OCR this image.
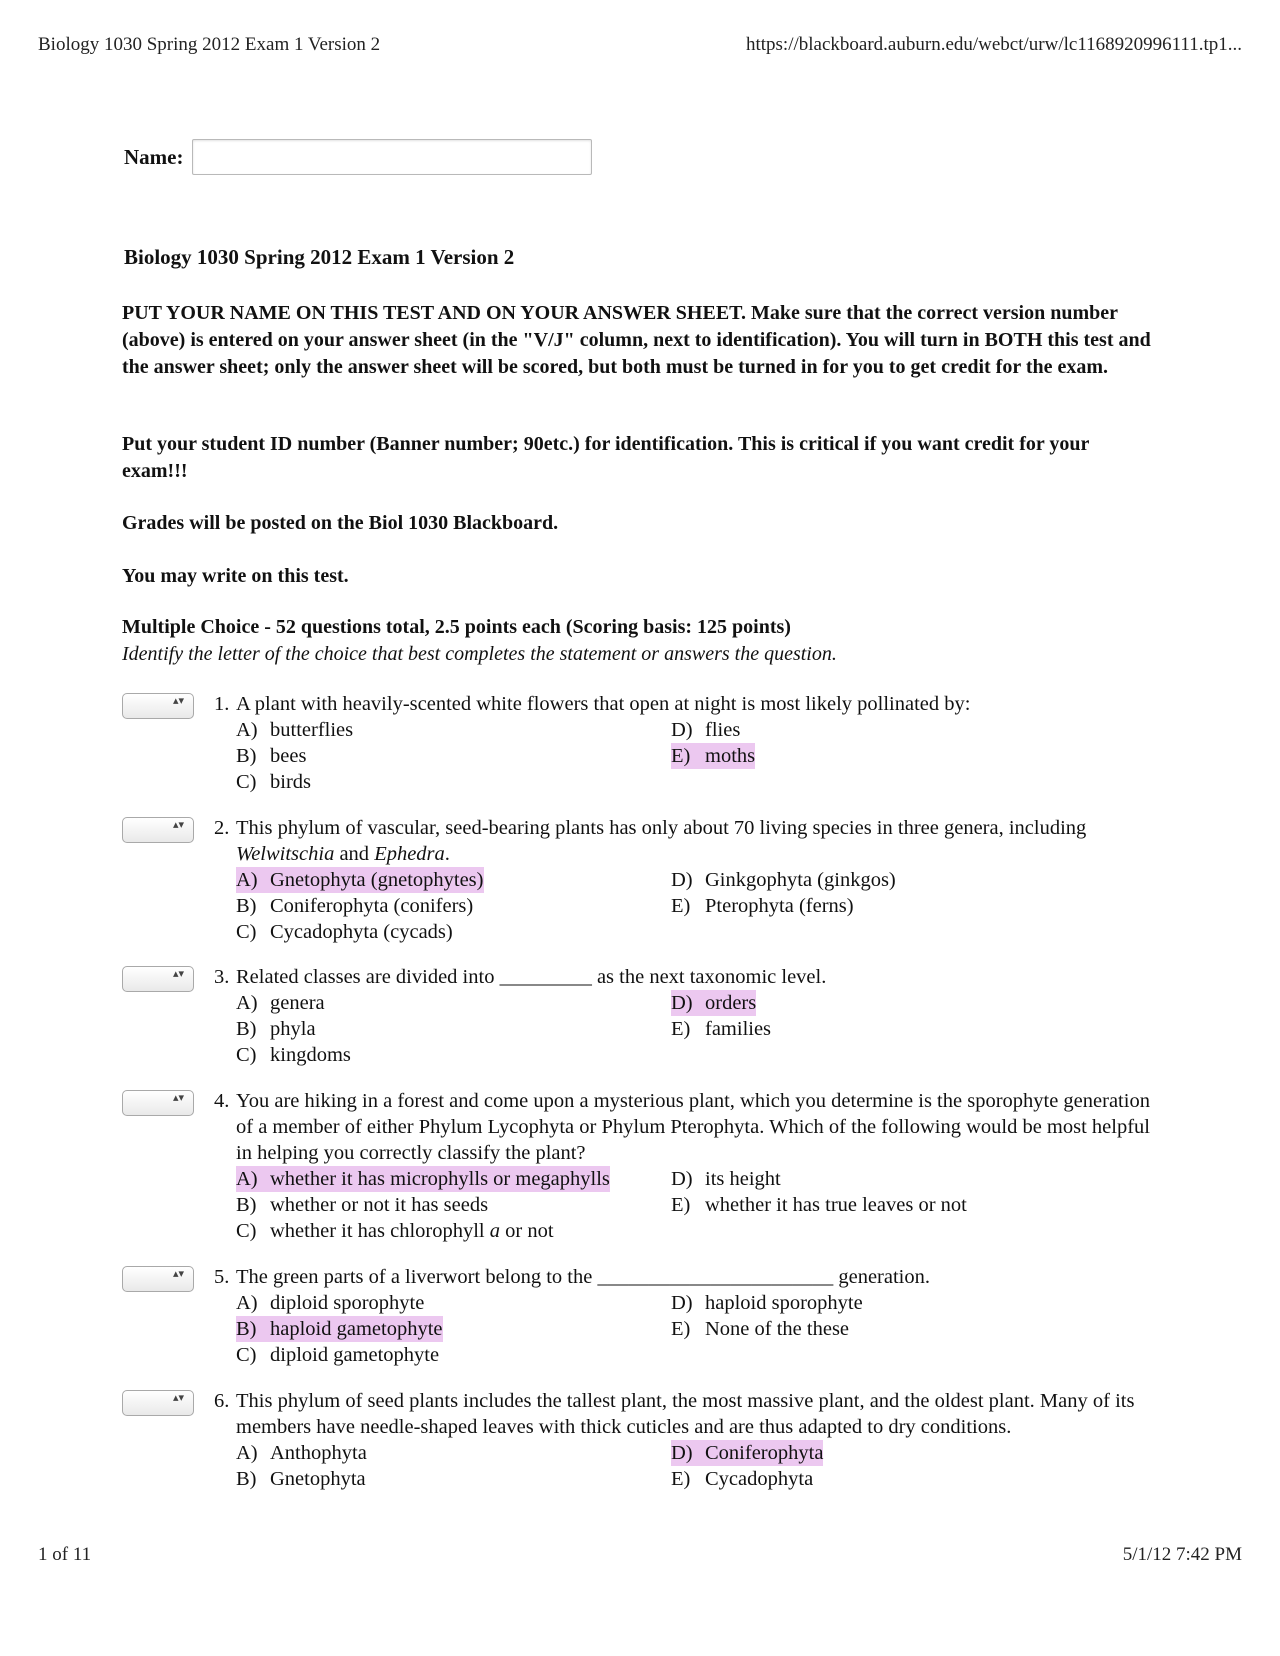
Biology 1030 Spring 2012 Exam 1 Version 2	https://blackboard.auburn.edu/webct/urw/lc1168920996111.tp1...
Name:
Biology 1030 Spring 2012 Exam 1 Version 2

PUT YOUR NAME ON THIS TEST AND ON YOUR ANSWER SHEET. Make sure that the correct version number (above) is entered on your answer sheet (in the "V/J" column, next to identification). You will turn in BOTH this test and the answer sheet; only the answer sheet will be scored, but both must be turned in for you to get credit for the exam.

Put your student ID number (Banner number; 90etc.) for identification. This is critical if you want credit for your exam!!!

Grades will be posted on the Biol 1030 Blackboard.

You may write on this test.

Multiple Choice - 52 questions total, 2.5 points each (Scoring basis: 125 points)
Identify the letter of the choice that best completes the statement or answers the question.
▴▾ 1. A plant with heavily-scented white flowers that open at night is most likely pollinated by:
A) butterflies
B) bees
C) birds
D) flies
E) moths
▴▾ 2. This phylum of vascular, seed-bearing plants has only about 70 living species in three genera, including
Welwitschia and Ephedra.
A) Gnetophyta (gnetophytes)
B) Coniferophyta (conifers)
C) Cycadophyta (cycads)
D) Ginkgophyta (ginkgos)
E) Pterophyta (ferns)
▴▾ 3. Related classes are divided into _________ as the next taxonomic level.
A) genera
B) phyla
C) kingdoms
D) orders
E) families
▴▾ 4. You are hiking in a forest and come upon a mysterious plant, which you determine is the sporophyte generation of a member of either Phylum Lycophyta or Phylum Pterophyta. Which of the following would be most helpful in helping you correctly classify the plant?
A) whether it has microphylls or megaphylls
B) whether or not it has seeds
C) whether it has chlorophyll a or not
D) its height
E) whether it has true leaves or not
▴▾ 5. The green parts of a liverwort belong to the _______________________ generation.
A) diploid sporophyte
B) haploid gametophyte
C) diploid gametophyte
D) haploid sporophyte
E) None of the these
▴▾ 6. This phylum of seed plants includes the tallest plant, the most massive plant, and the oldest plant. Many of its members have needle-shaped leaves with thick cuticles and are thus adapted to dry conditions.
A) Anthophyta
B) Gnetophyta
D) Coniferophyta
E) Cycadophyta
1 of 11	5/1/12 7:42 PM
